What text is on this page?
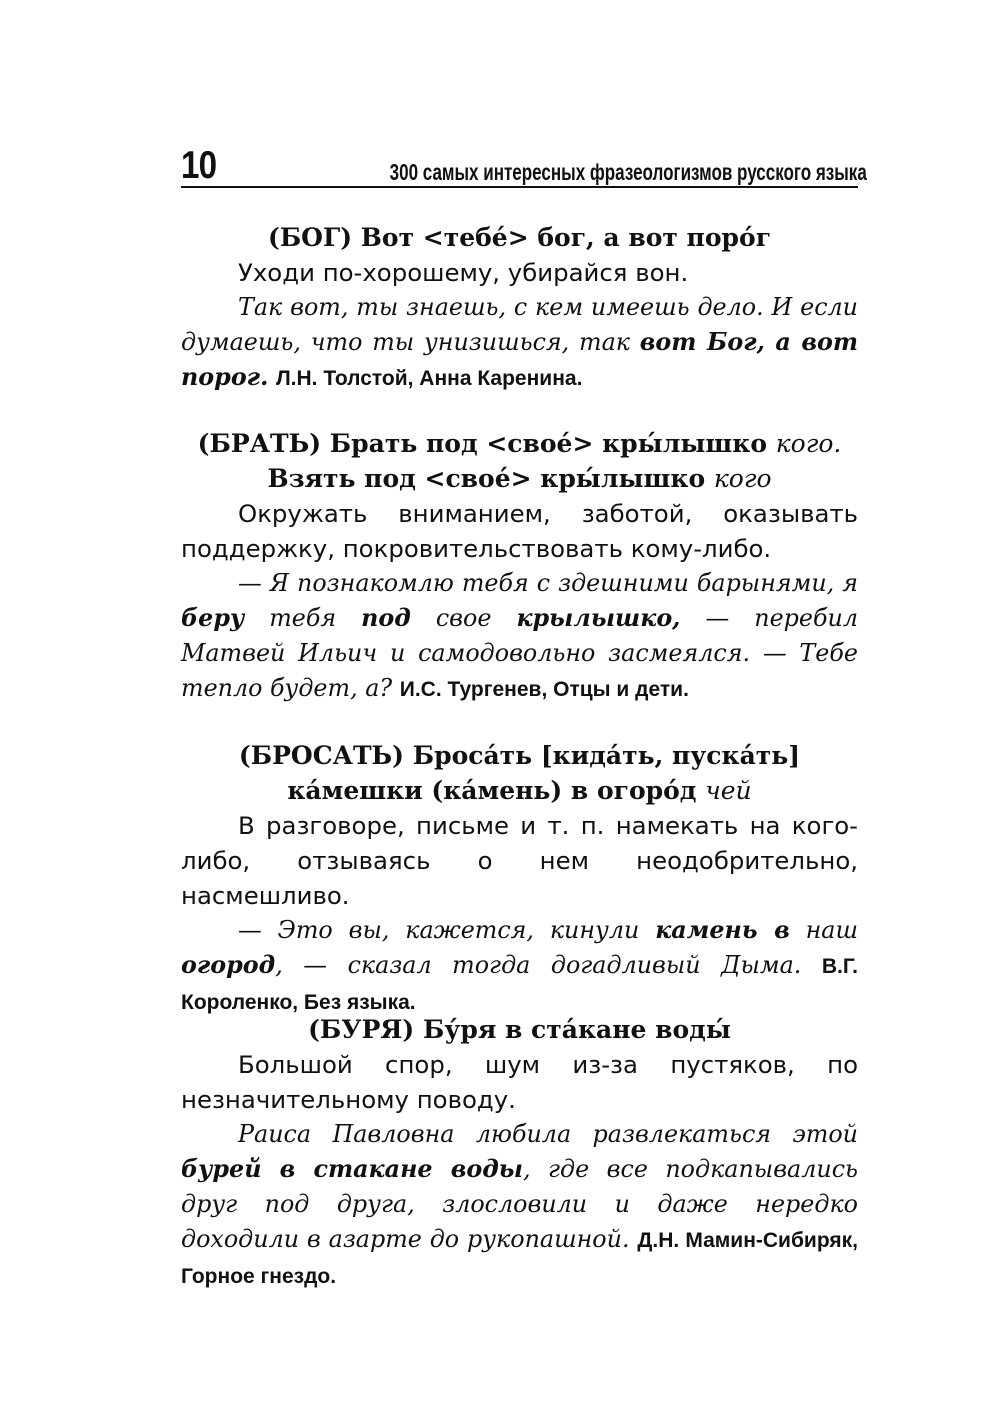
10	300 самых интересных фразеологизмов русского языка
(БОГ) Вот <тебе́> бог, а вот поро́г

Уходи по-хорошему, убирайся вон.

Так вот, ты знаешь, с кем имеешь дело. И если думаешь, что ты унизишься, так вот Бог, а вот порог. Л.Н. Толстой, Анна Каренина.

(БРАТЬ) Брать под <свое́> кры́лышко кого.
Взять под <свое́> кры́лышко кого

Окружать вниманием, заботой, оказывать поддержку, покровительствовать кому-либо.

— Я познакомлю тебя с здешними барынями, я беру тебя под свое крылышко, — перебил Матвей Ильич и самодовольно засмеялся. — Тебе тепло будет, а? И.С. Тургенев, Отцы и дети.

(БРОСАТЬ) Броса́ть [кида́ть, пуска́ть]
ка́мешки (ка́мень) в огоро́д чей

В разговоре, письме и т. п. намекать на кого-либо, отзываясь о нем неодобрительно, насмешливо.

— Это вы, кажется, кинули камень в наш огород, — сказал тогда догадливый Дыма. В.Г. Короленко, Без языка.

(БУРЯ) Бу́ря в ста́кане воды́

Большой спор, шум из-за пустяков, по незначительному поводу.

Раиса Павловна любила развлекаться этой бурей в стакане воды, где все подкапывались друг под друга, злословили и даже нередко доходили в азарте до рукопашной. Д.Н. Мамин-Сибиряк, Горное гнездо.
